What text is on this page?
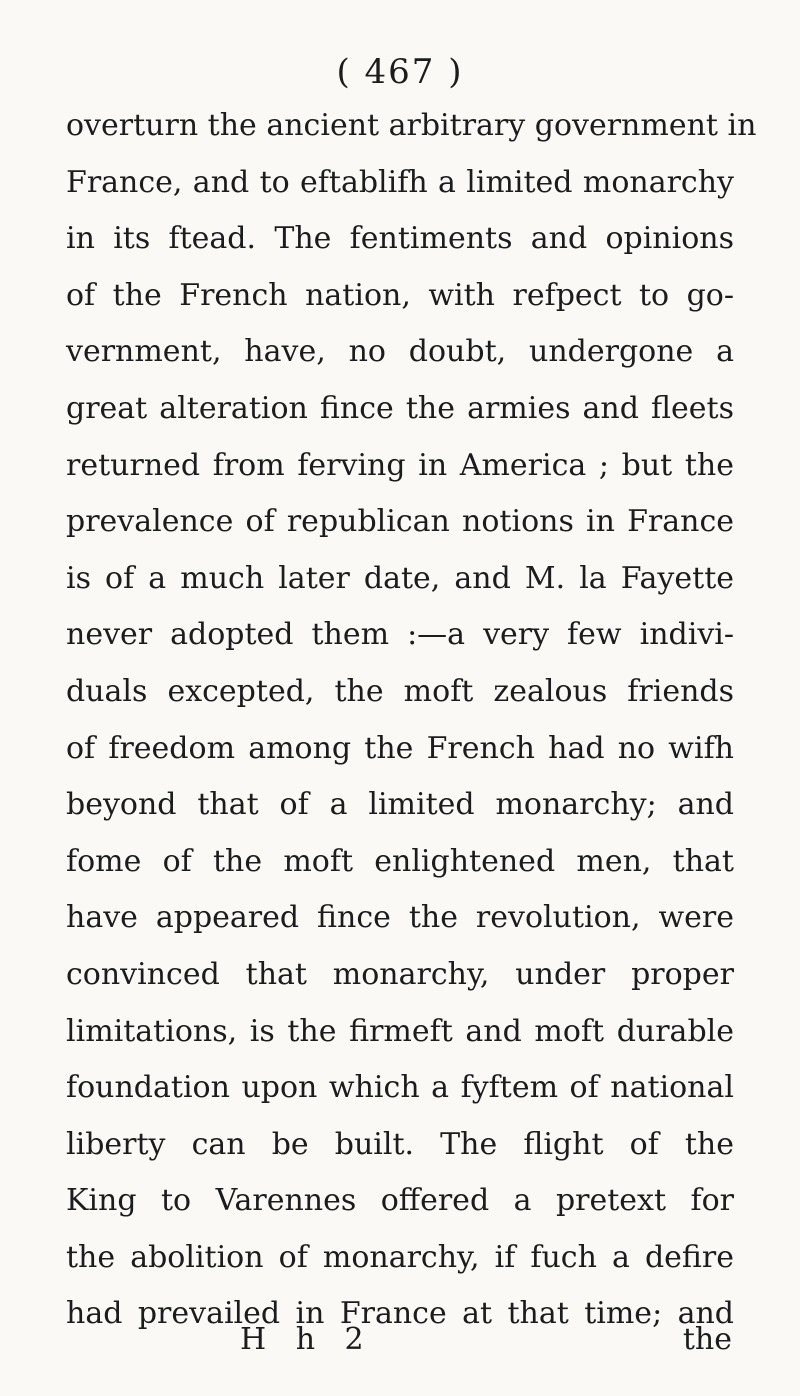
( 467 )
overturn the ancient arbitrary government in
France, and to eftablifh a limited monarchy
in its ftead. The fentiments and opinions
of the French nation, with refpect to go-
vernment, have, no doubt, undergone a
great alteration fince the armies and fleets
returned from ferving in America ; but the
prevalence of republican notions in France
is of a much later date, and M. la Fayette
never adopted them :—a very few indivi-
duals excepted, the moft zealous friends
of freedom among the French had no wifh
beyond that of a limited monarchy; and
fome of the moft enlightened men, that
have appeared fince the revolution, were
convinced that monarchy, under proper
limitations, is the firmeft and moft durable
foundation upon which a fyftem of national
liberty can be built. The flight of the
King to Varennes offered a pretext for
the abolition of monarchy, if fuch a defire
had prevailed in France at that time; and
H h 2	the
